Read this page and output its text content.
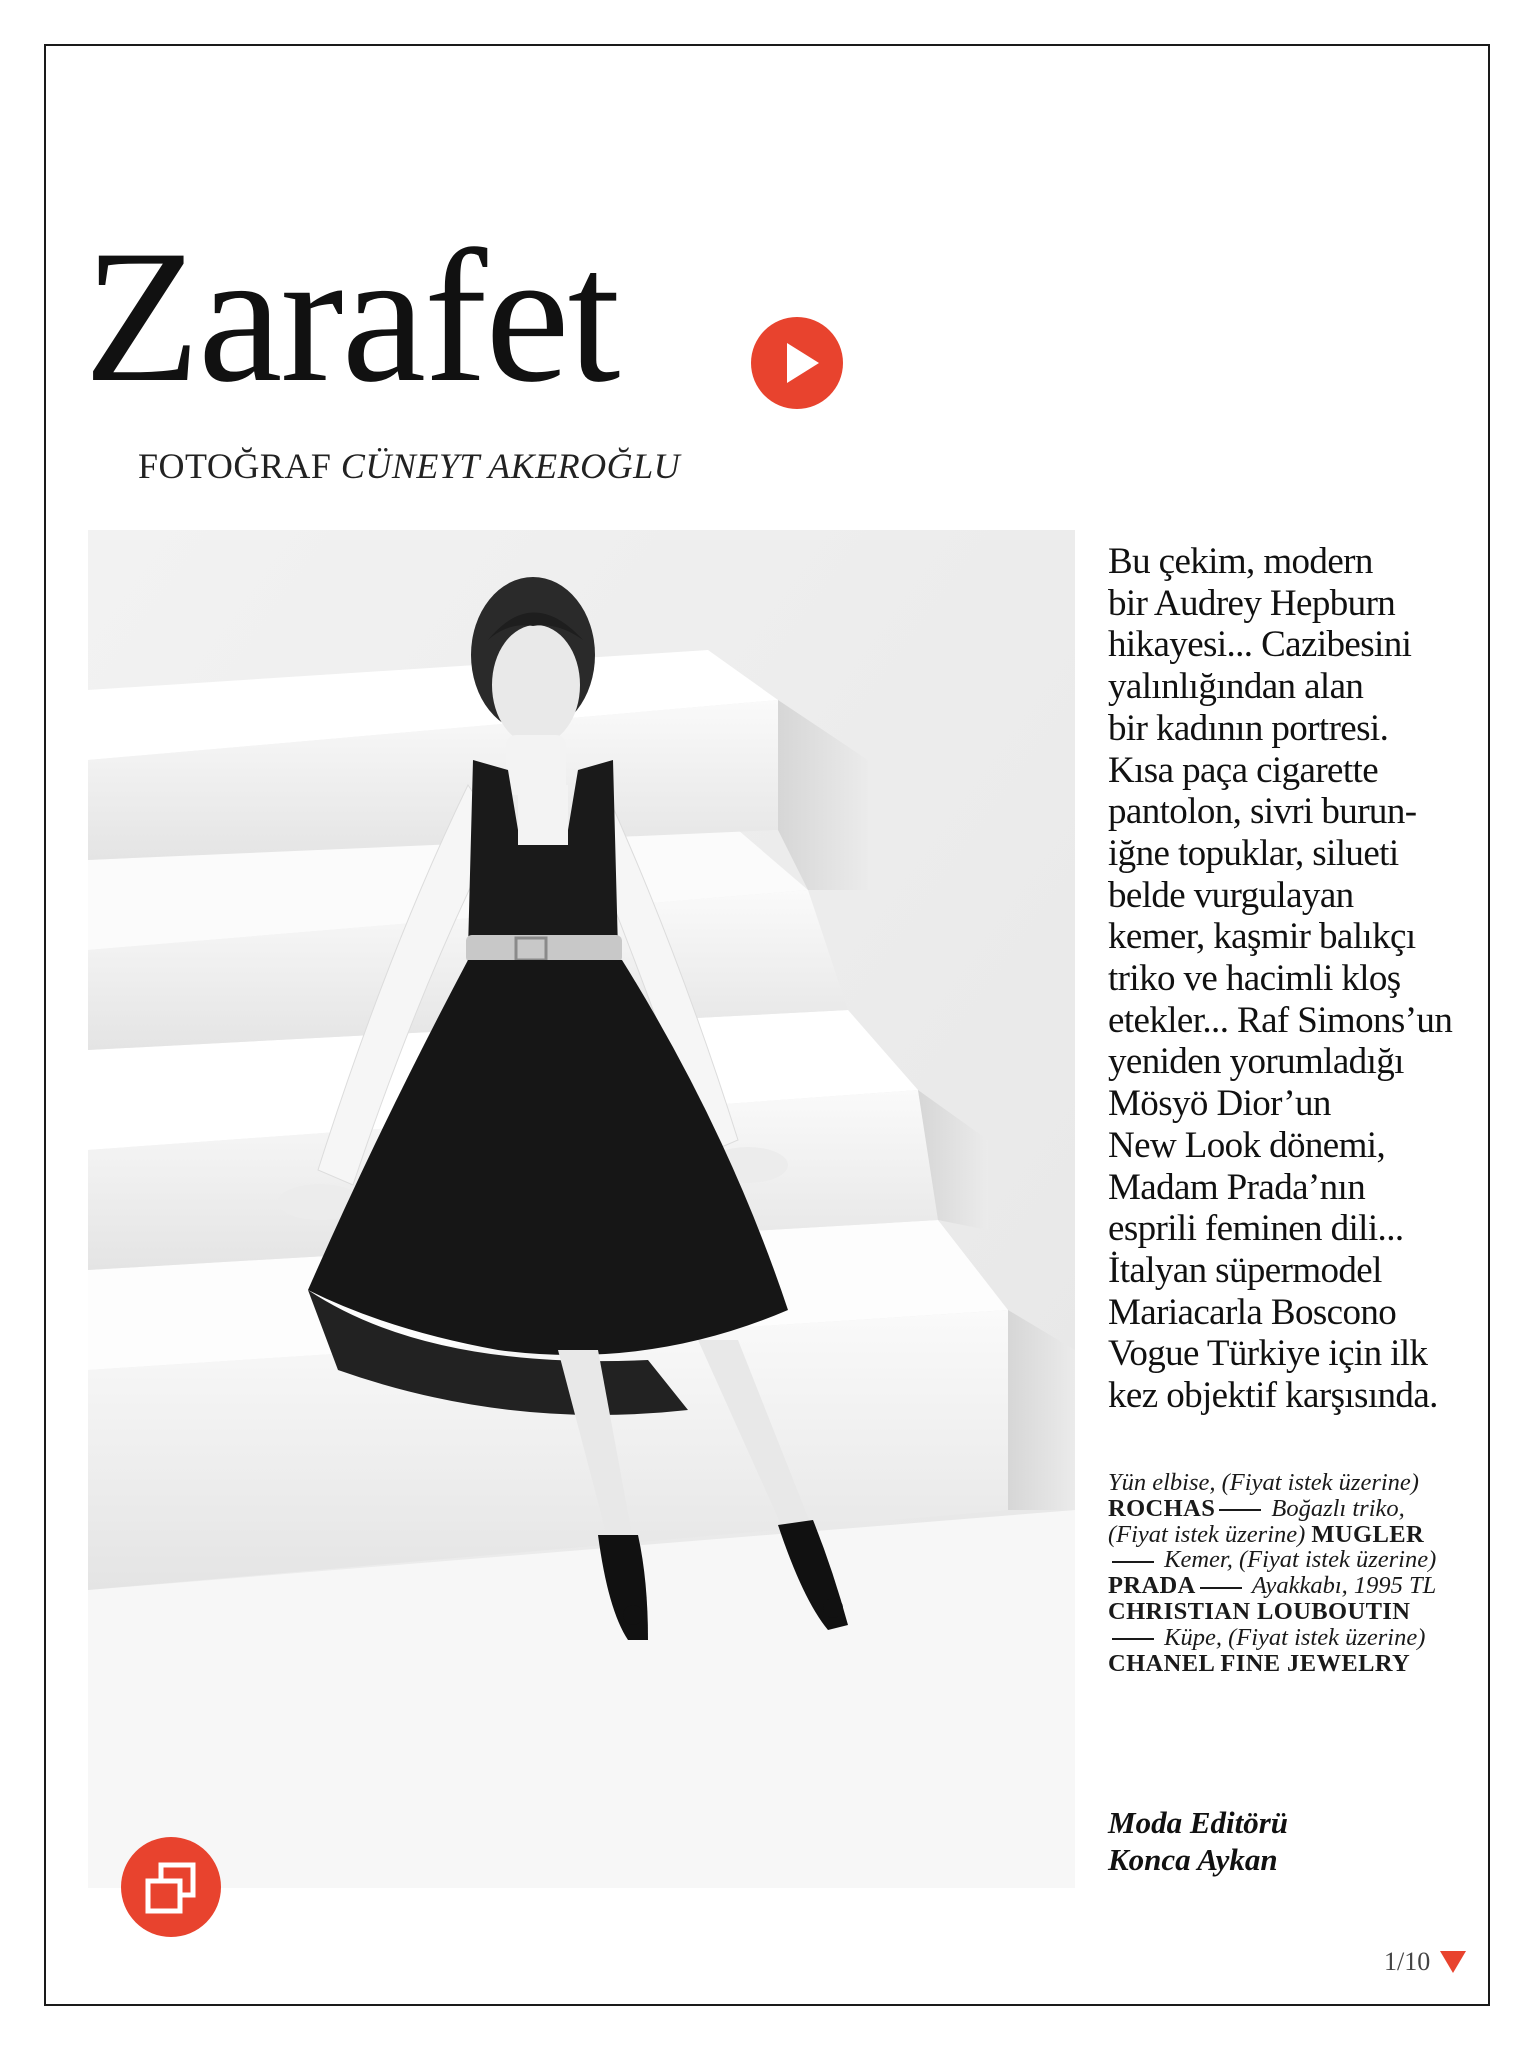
Zarafet
FOTOĞRAF CÜNEYT AKEROĞLU

Bu çekim, modern
bir Audrey Hepburn
hikayesi... Cazibesini
yalınlığından alan
bir kadının portresi.
Kısa paça cigarette
pantolon, sivri burun-
iğne topuklar, silueti
belde vurgulayan
kemer, kaşmir balıkçı
triko ve hacimli kloş
etekler... Raf Simons’un
yeniden yorumladığı
Mösyö Dior’un
New Look dönemi,
Madam Prada’nın
esprili feminen dili...
İtalyan süpermodel
Mariacarla Boscono
Vogue Türkiye için ilk
kez objektif karşısında.

Yün elbise, (Fiyat istek üzerine) ROCHAS Boğazlı triko, (Fiyat istek üzerine) MUGLER Kemer, (Fiyat istek üzerine) PRADA Ayakkabı, 1995 TL CHRISTIAN LOUBOUTIN Küpe, (Fiyat istek üzerine) CHANEL FINE JEWELRY

Moda Editörü
Konca Aykan
1/10
